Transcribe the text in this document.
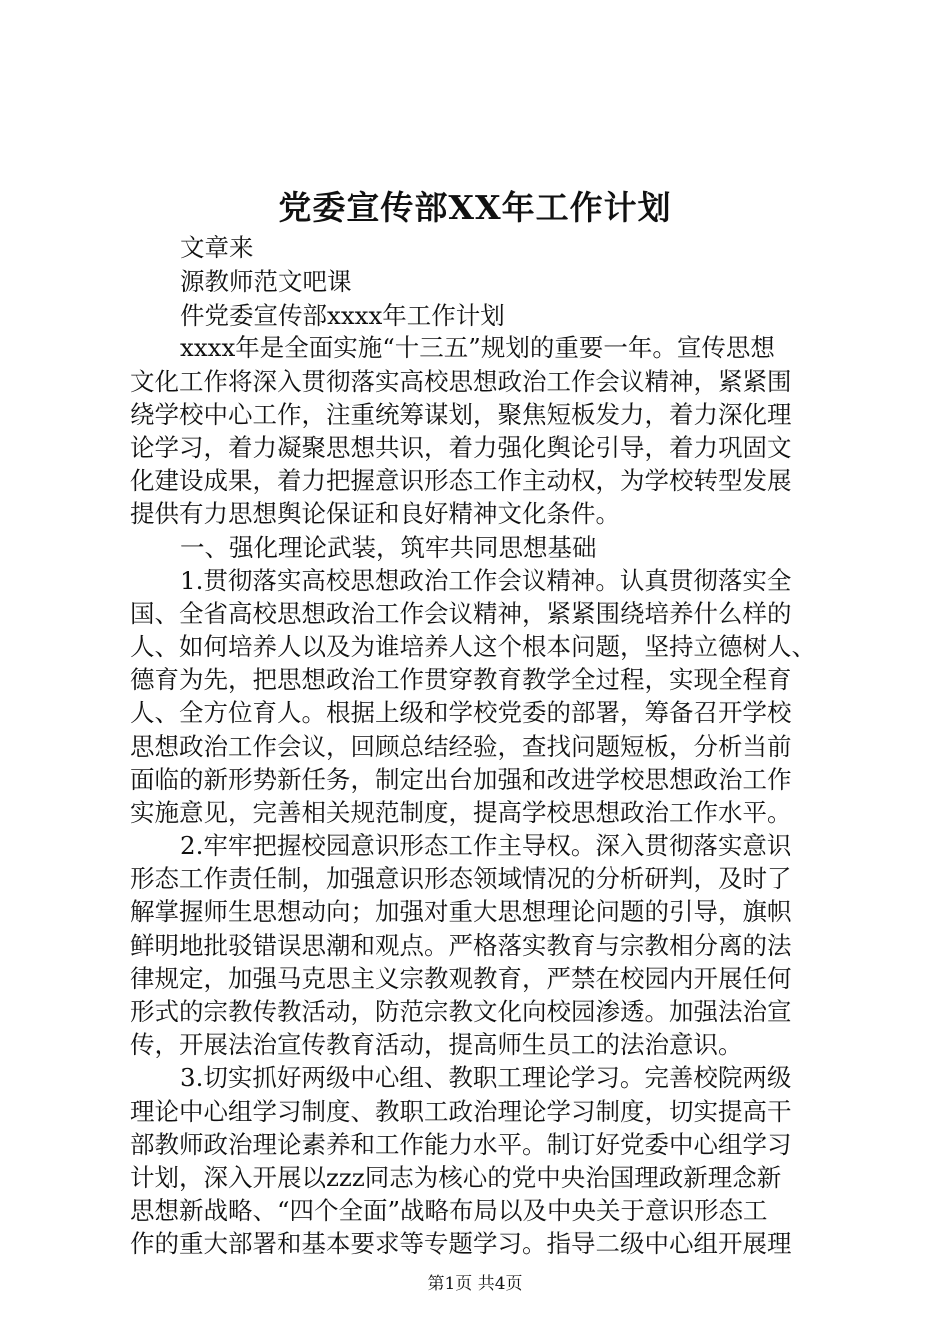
党委宣传部XX年工作计划
文章来
源教师范文吧课
件党委宣传部xxxx年工作计划
xxxx年是全面实施“十三五”规划的重要一年。宣传思想
文化工作将深入贯彻落实高校思想政治工作会议精神，紧紧围
绕学校中心工作，注重统筹谋划，聚焦短板发力，着力深化理
论学习，着力凝聚思想共识，着力强化舆论引导，着力巩固文
化建设成果，着力把握意识形态工作主动权，为学校转型发展
提供有力思想舆论保证和良好精神文化条件。
一、强化理论武装，筑牢共同思想基础
1.贯彻落实高校思想政治工作会议精神。认真贯彻落实全
国、全省高校思想政治工作会议精神，紧紧围绕培养什么样的
人、如何培养人以及为谁培养人这个根本问题，坚持立德树人、
德育为先，把思想政治工作贯穿教育教学全过程，实现全程育
人、全方位育人。根据上级和学校党委的部署，筹备召开学校
思想政治工作会议，回顾总结经验，查找问题短板，分析当前
面临的新形势新任务，制定出台加强和改进学校思想政治工作
实施意见，完善相关规范制度，提高学校思想政治工作水平。
2.牢牢把握校园意识形态工作主导权。深入贯彻落实意识
形态工作责任制，加强意识形态领域情况的分析研判，及时了
解掌握师生思想动向；加强对重大思想理论问题的引导，旗帜
鲜明地批驳错误思潮和观点。严格落实教育与宗教相分离的法
律规定，加强马克思主义宗教观教育，严禁在校园内开展任何
形式的宗教传教活动，防范宗教文化向校园渗透。加强法治宣
传，开展法治宣传教育活动，提高师生员工的法治意识。
3.切实抓好两级中心组、教职工理论学习。完善校院两级
理论中心组学习制度、教职工政治理论学习制度，切实提高干
部教师政治理论素养和工作能力水平。制订好党委中心组学习
计划，深入开展以zzz同志为核心的党中央治国理政新理念新
思想新战略、“四个全面”战略布局以及中央关于意识形态工
作的重大部署和基本要求等专题学习。指导二级中心组开展理
第1页 共4页
